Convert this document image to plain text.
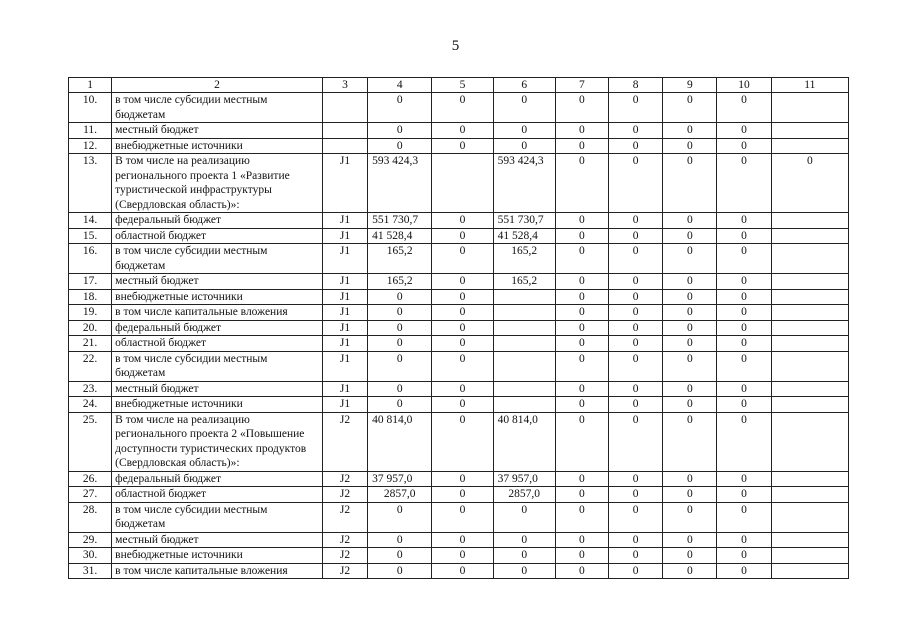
5
1	2	3	4	5	6	7	8	9	10	11
10.	в том числе субсидии местным бюджетам		0	0	0	0	0	0	0	
11.	местный бюджет		0	0	0	0	0	0	0	
12.	внебюджетные источники		0	0	0	0	0	0	0	
13.	В том числе на реализацию регионального проекта 1 «Развитие туристической инфраструктуры (Свердловская область)»:	J1	593 424,3		593 424,3	0	0	0	0	0
14.	федеральный бюджет	J1	551 730,7	0	551 730,7	0	0	0	0	
15.	областной бюджет	J1	41 528,4	0	41 528,4	0	0	0	0	
16.	в том числе субсидии местным бюджетам	J1	165,2	0	165,2	0	0	0	0	
17.	местный бюджет	J1	165,2	0	165,2	0	0	0	0	
18.	внебюджетные источники	J1	0	0		0	0	0	0	
19.	в том числе капитальные вложения	J1	0	0		0	0	0	0	
20.	федеральный бюджет	J1	0	0		0	0	0	0	
21.	областной бюджет	J1	0	0		0	0	0	0	
22.	в том числе субсидии местным бюджетам	J1	0	0		0	0	0	0	
23.	местный бюджет	J1	0	0		0	0	0	0	
24.	внебюджетные источники	J1	0	0		0	0	0	0	
25.	В том числе на реализацию регионального проекта 2 «Повышение доступности туристических продуктов (Свердловская область)»:	J2	40 814,0	0	40 814,0	0	0	0	0	
26.	федеральный бюджет	J2	37 957,0	0	37 957,0	0	0	0	0	
27.	областной бюджет	J2	2857,0	0	2857,0	0	0	0	0	
28.	в том числе субсидии местным бюджетам	J2	0	0	0	0	0	0	0	
29.	местный бюджет	J2	0	0	0	0	0	0	0	
30.	внебюджетные источники	J2	0	0	0	0	0	0	0	
31.	в том числе капитальные вложения	J2	0	0	0	0	0	0	0	
